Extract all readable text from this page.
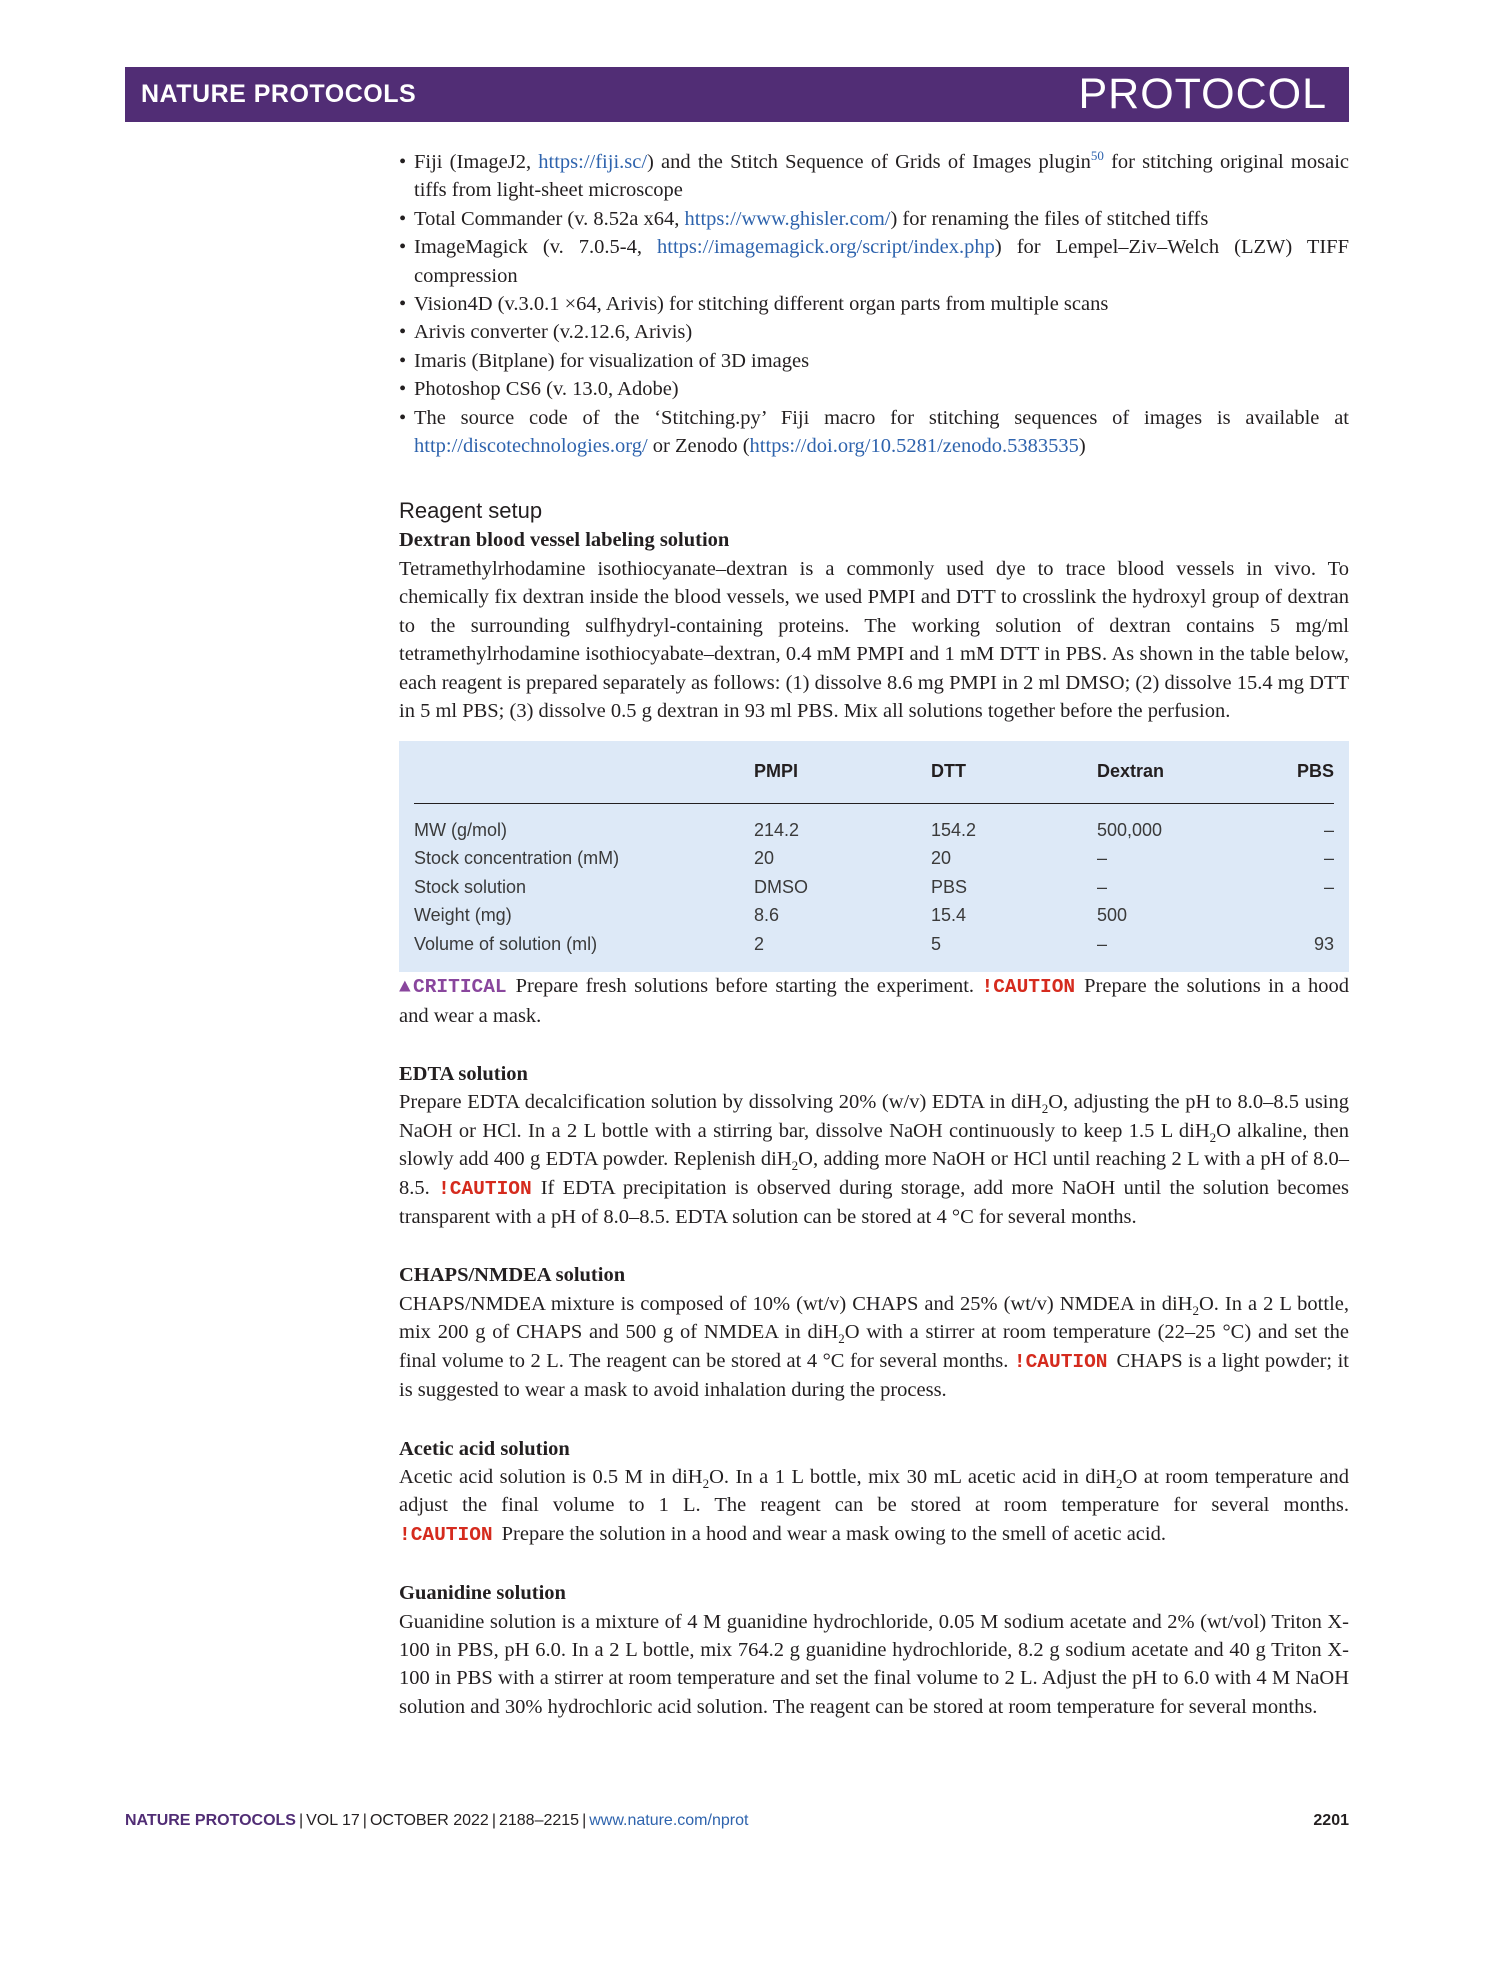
NATURE PROTOCOLS	PROTOCOL
• Fiji (ImageJ2, https://fiji.sc/) and the Stitch Sequence of Grids of Images plugin$^{50}$ for stitching original mosaic tiffs from light-sheet microscope
• Total Commander (v. 8.52a x64, https://www.ghisler.com/) for renaming the files of stitched tiffs
• ImageMagick (v. 7.0.5-4, https://imagemagick.org/script/index.php) for Lempel–Ziv–Welch (LZW) TIFF compression
• Vision4D (v.3.0.1 ×64, Arivis) for stitching different organ parts from multiple scans
• Arivis converter (v.2.12.6, Arivis)
• Imaris (Bitplane) for visualization of 3D images
• Photoshop CS6 (v. 13.0, Adobe)
• The source code of the ‘Stitching.py’ Fiji macro for stitching sequences of images is available at http://discotechnologies.org/ or Zenodo (https://doi.org/10.5281/zenodo.5383535)
Reagent setup

Dextran blood vessel labeling solution

Tetramethylrhodamine isothiocyanate–dextran is a commonly used dye to trace blood vessels in vivo. To chemically fix dextran inside the blood vessels, we used PMPI and DTT to crosslink the hydroxyl group of dextran to the surrounding sulfhydryl-containing proteins. The working solution of dextran contains 5 mg/ml tetramethylrhodamine isothiocyabate–dextran, 0.4 mM PMPI and 1 mM DTT in PBS. As shown in the table below, each reagent is prepared separately as follows: (1) dissolve 8.6 mg PMPI in 2 ml DMSO; (2) dissolve 15.4 mg DTT in 5 ml PBS; (3) dissolve 0.5 g dextran in 93 ml PBS. Mix all solutions together before the perfusion.

	PMPI	DTT	Dextran	PBS
MW (g/mol)	214.2	154.2	500,000	–
Stock concentration (mM)	20	20	–	–
Stock solution	DMSO	PBS	–	–
Weight (mg)	8.6	15.4	500	
Volume of solution (ml)	2	5	–	93

▲CRITICAL Prepare fresh solutions before starting the experiment. !CAUTION Prepare the solutions in a hood and wear a mask.

EDTA solution

Prepare EDTA decalcification solution by dissolving 20% (w/v) EDTA in diH$_2$O, adjusting the pH to 8.0–8.5 using NaOH or HCl. In a 2 L bottle with a stirring bar, dissolve NaOH continuously to keep 1.5 L diH$_2$O alkaline, then slowly add 400 g EDTA powder. Replenish diH$_2$O, adding more NaOH or HCl until reaching 2 L with a pH of 8.0–8.5. !CAUTION If EDTA precipitation is observed during storage, add more NaOH until the solution becomes transparent with a pH of 8.0–8.5. EDTA solution can be stored at 4 °C for several months.

CHAPS/NMDEA solution

CHAPS/NMDEA mixture is composed of 10% (wt/v) CHAPS and 25% (wt/v) NMDEA in diH$_2$O. In a 2 L bottle, mix 200 g of CHAPS and 500 g of NMDEA in diH$_2$O with a stirrer at room temperature (22–25 °C) and set the final volume to 2 L. The reagent can be stored at 4 °C for several months. !CAUTION CHAPS is a light powder; it is suggested to wear a mask to avoid inhalation during the process.

Acetic acid solution

Acetic acid solution is 0.5 M in diH$_2$O. In a 1 L bottle, mix 30 mL acetic acid in diH$_2$O at room temperature and adjust the final volume to 1 L. The reagent can be stored at room temperature for several months. !CAUTION Prepare the solution in a hood and wear a mask owing to the smell of acetic acid.

Guanidine solution

Guanidine solution is a mixture of 4 M guanidine hydrochloride, 0.05 M sodium acetate and 2% (wt/vol) Triton X-100 in PBS, pH 6.0. In a 2 L bottle, mix 764.2 g guanidine hydrochloride, 8.2 g sodium acetate and 40 g Triton X-100 in PBS with a stirrer at room temperature and set the final volume to 2 L. Adjust the pH to 6.0 with 4 M NaOH solution and 30% hydrochloric acid solution. The reagent can be stored at room temperature for several months.

NATURE PROTOCOLS | VOL 17 | OCTOBER 2022 | 2188–2215 | www.nature.com/nprot	2201
